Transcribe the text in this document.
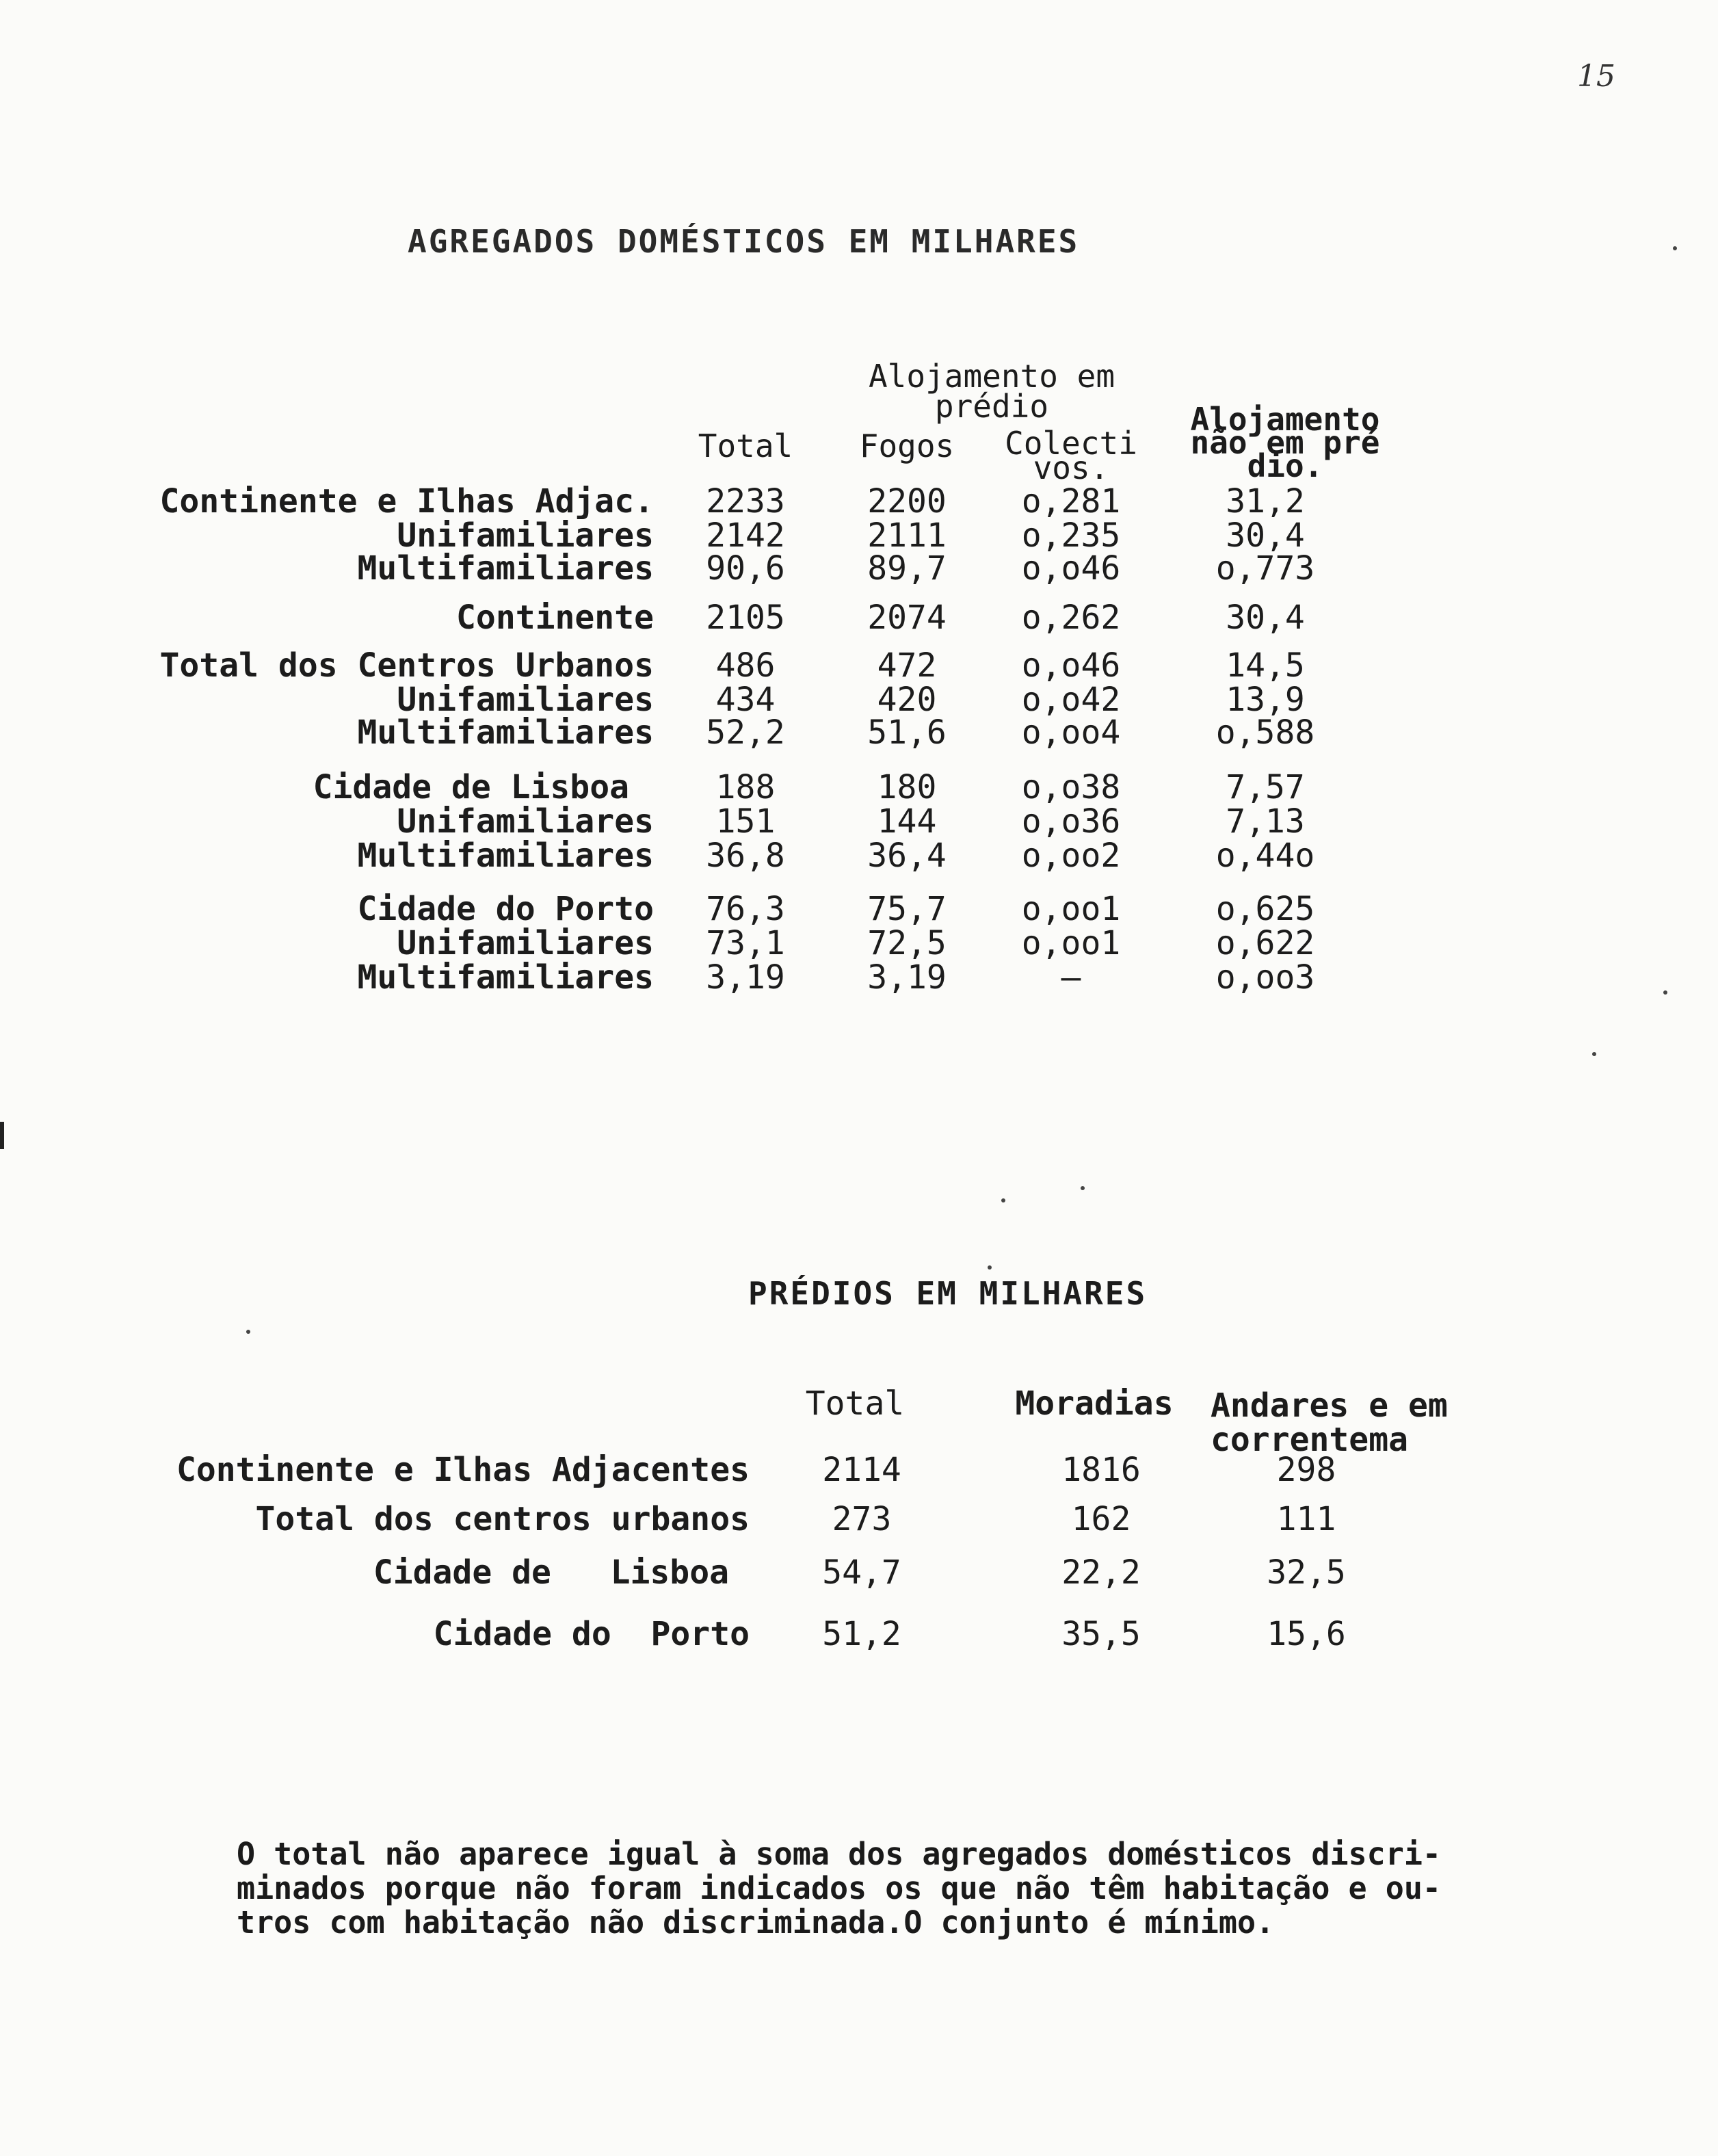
15
AGREGADOS DOMÉSTICOS EM MILHARES
Alojamento em
prédio
Total	Fogos	Colecti
vos.
Alojamento
não em pré
dio.
Continente e Ilhas Adjac.	2233	2200	o,281	31,2
Unifamiliares	2142	2111	o,235	30,4
Multifamiliares	90,6	89,7	o,o46	o,773
Continente	2105	2074	o,262	30,4
Total dos Centros Urbanos	486	472	o,o46	14,5
Unifamiliares	434	420	o,o42	13,9
Multifamiliares	52,2	51,6	o,oo4	o,588
Cidade de Lisboa	188	180	o,o38	7,57
Unifamiliares	151	144	o,o36	7,13
Multifamiliares	36,8	36,4	o,oo2	o,44o
Cidade do Porto	76,3	75,7	o,oo1	o,625
Unifamiliares	73,1	72,5	o,oo1	o,622
Multifamiliares	3,19	3,19	—	o,oo3
PRÉDIOS EM MILHARES
Total	Moradias	Andares e em
correntema
Continente e Ilhas Adjacentes	2114	1816	298
Total dos centros urbanos	273	162	111
Cidade de   Lisboa	54,7	22,2	32,5
Cidade do  Porto	51,2	35,5	15,6
O total não aparece igual à soma dos agregados domésticos discri-
minados porque não foram indicados os que não têm habitação e ou-
tros com habitação não discriminada.O conjunto é mínimo.
